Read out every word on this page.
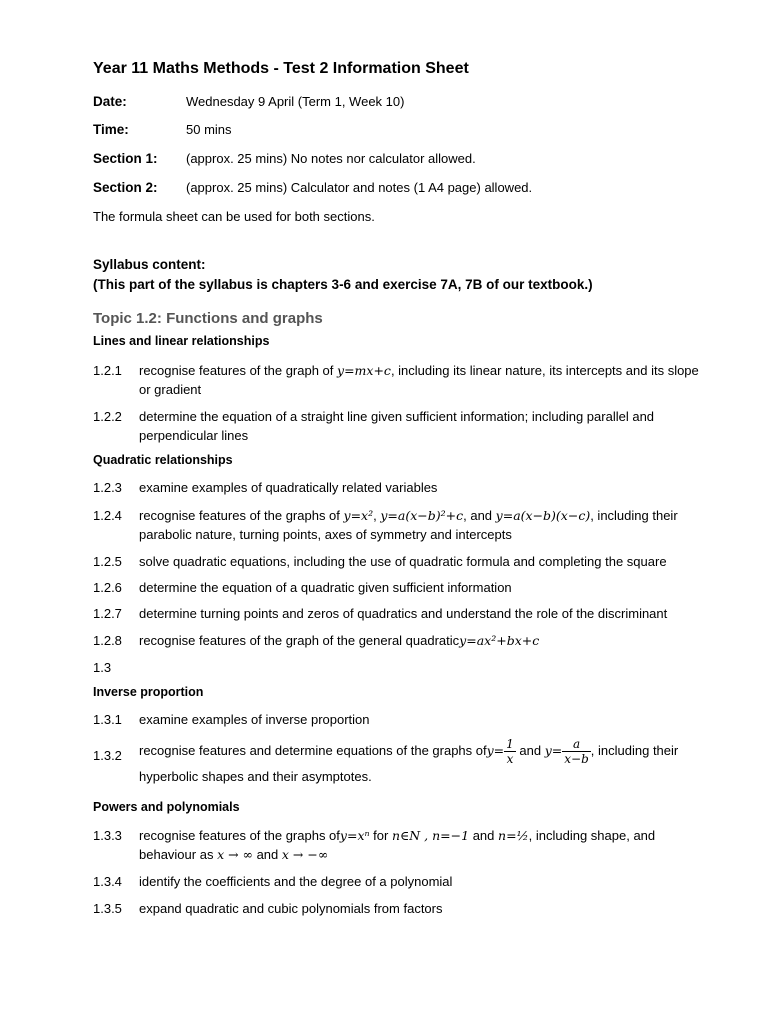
Year 11 Maths Methods - Test 2 Information Sheet
Date:	Wednesday 9 April (Term 1, Week 10)
Time:	50 mins
Section 1: (approx. 25 mins) No notes nor calculator allowed.
Section 2: (approx. 25 mins) Calculator and notes (1 A4 page) allowed.
The formula sheet can be used for both sections.
Syllabus content:
(This part of the syllabus is chapters 3-6 and exercise 7A, 7B of our textbook.)
Topic 1.2: Functions and graphs
Lines and linear relationships
1.2.1	recognise features of the graph of y=mx+c, including its linear nature, its intercepts and its slope or gradient
1.2.2	determine the equation of a straight line given sufficient information; including parallel and perpendicular lines
Quadratic relationships
1.2.3	examine examples of quadratically related variables
1.2.4	recognise features of the graphs of y=x², y=a(x−b)²+c, and y=a(x−b)(x−c), including their parabolic nature, turning points, axes of symmetry and intercepts
1.2.5	solve quadratic equations, including the use of quadratic formula and completing the square
1.2.6	determine the equation of a quadratic given sufficient information
1.2.7	determine turning points and zeros of quadratics and understand the role of the discriminant
1.2.8	recognise features of the graph of the general quadraticy=ax²+bx+c
1.3
Inverse proportion
1.3.1	examine examples of inverse proportion
1.3.2	recognise features and determine equations of the graphs $ofy= \frac{1}{x}$ and $y= \frac{a}{x-b}$ , including their hyperbolic shapes and their asymptotes.
Powers and polynomials
1.3.3	recognise features of the graphs ofy=xⁿ for n∈N , n=−1 and n=½, including shape, and behaviour as x → ∞ and x → −∞
1.3.4	identify the coefficients and the degree of a polynomial
1.3.5	expand quadratic and cubic polynomials from factors
